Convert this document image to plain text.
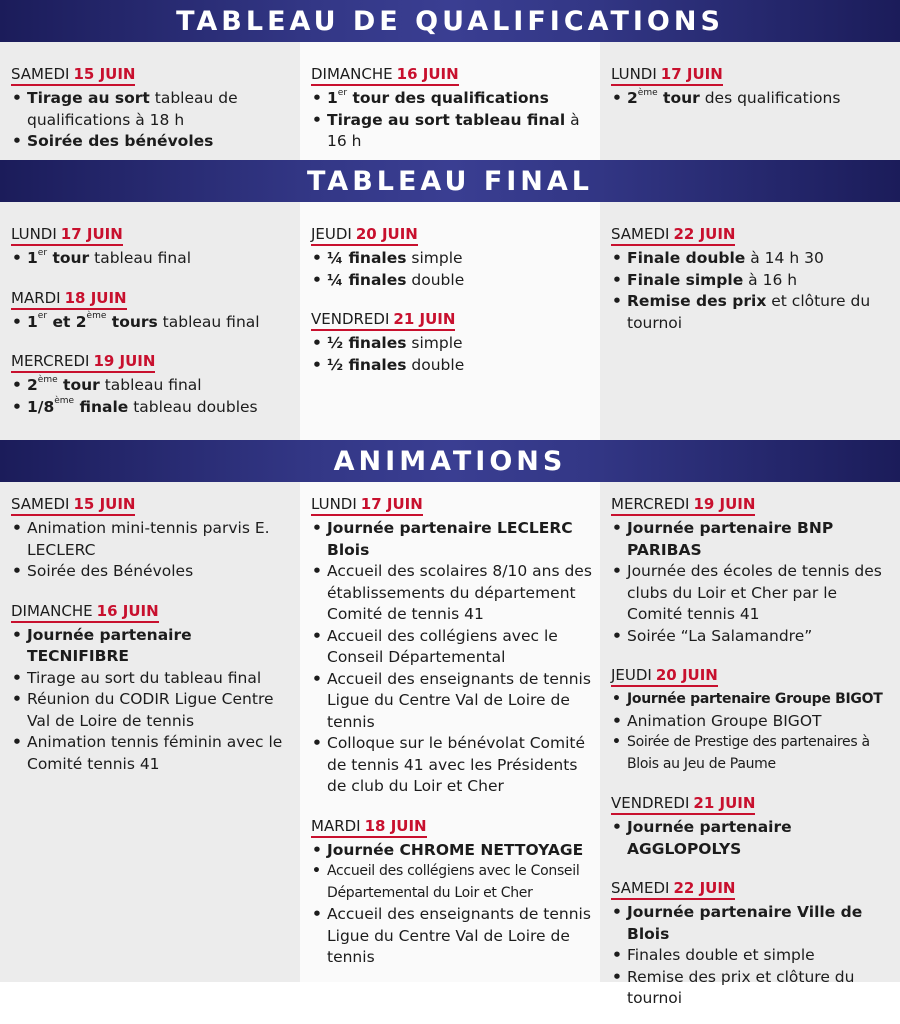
TABLEAU DE QUALIFICATIONS
SAMEDI 15 JUIN
• Tirage au sort tableau de qualifications à 18 h
• Soirée des bénévoles
DIMANCHE 16 JUIN
• 1er tour des qualifications
• Tirage au sort tableau final à 16 h
LUNDI 17 JUIN
• 2ème tour des qualifications
TABLEAU FINAL
LUNDI 17 JUIN
• 1er tour tableau final
MARDI 18 JUIN
• 1er et 2ème tours tableau final
MERCREDI 19 JUIN
• 2ème tour tableau final
• 1/8ème finale tableau doubles
JEUDI 20 JUIN
• ¼ finales simple
• ¼ finales double
VENDREDI 21 JUIN
• ½ finales simple
• ½ finales double
SAMEDI 22 JUIN
• Finale double à 14 h 30
• Finale simple à 16 h
• Remise des prix et clôture du tournoi
ANIMATIONS
SAMEDI 15 JUIN
• Animation mini-tennis parvis E. LECLERC
• Soirée des Bénévoles
DIMANCHE 16 JUIN
• Journée partenaire TECNIFIBRE
• Tirage au sort du tableau final
• Réunion du CODIR Ligue Centre Val de Loire de tennis
• Animation tennis féminin avec le Comité tennis 41
LUNDI 17 JUIN
• Journée partenaire LECLERC Blois
• Accueil des scolaires 8/10 ans des établissements du département Comité de tennis 41
• Accueil des collégiens avec le Conseil Départemental
• Accueil des enseignants de tennis Ligue du Centre Val de Loire de tennis
• Colloque sur le bénévolat Comité de tennis 41 avec les Présidents de club du Loir et Cher
MARDI 18 JUIN
• Journée CHROME NETTOYAGE
• Accueil des collégiens avec le Conseil Départemental du Loir et Cher
• Accueil des enseignants de tennis Ligue du Centre Val de Loire de tennis
MERCREDI 19 JUIN
• Journée partenaire BNP PARIBAS
• Journée des écoles de tennis des clubs du Loir et Cher par le Comité tennis 41
• Soirée “La Salamandre”
JEUDI 20 JUIN
• Journée partenaire Groupe BIGOT
• Animation Groupe BIGOT
• Soirée de Prestige des partenaires à Blois au Jeu de Paume
VENDREDI 21 JUIN
• Journée partenaire AGGLOPOLYS
SAMEDI 22 JUIN
• Journée partenaire Ville de Blois
• Finales double et simple
• Remise des prix et clôture du tournoi
